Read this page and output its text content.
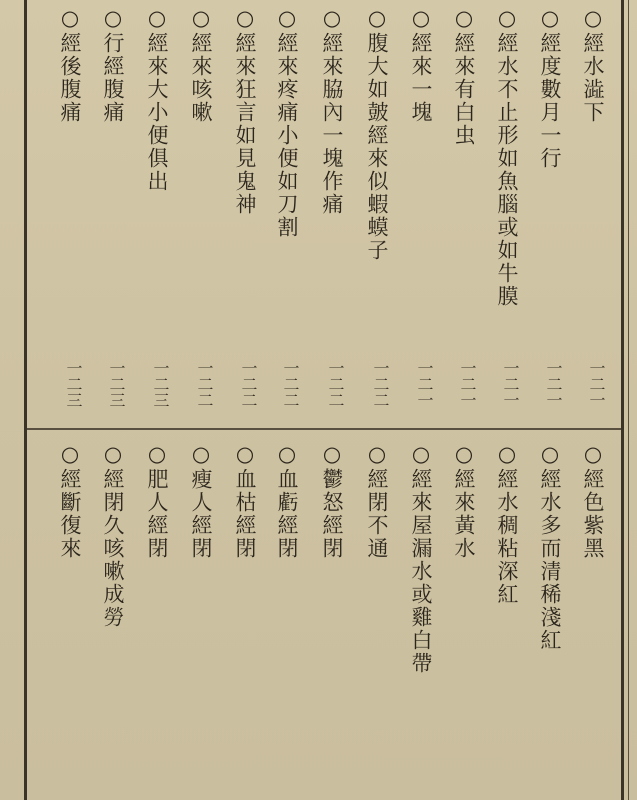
○經水澁下
○經度數月一行
○經水不止形如魚腦或如牛膜
○經來有白虫
○經來一塊
○腹大如皷經來似蝦蟆子
○經來脇內一塊作痛
○經來疼痛小便如刀割
○經來狂言如見鬼神
○經來咳嗽
○經來大小便俱出
○行經腹痛
○經後腹痛
一二一
一二一
一二一
一二一
一二一
一二二
一二二
一二二
一二二
一二二
一二三
一二三
一二三
○經色紫黑
○經水多而清稀淺紅
○經水稠粘深紅
○經來黃水
○經來屋漏水或雞白帶
○經閉不通
○鬱怒經閉
○血虧經閉
○血枯經閉
○瘦人經閉
○肥人經閉
○經閉久咳嗽成勞
○經斷復來
